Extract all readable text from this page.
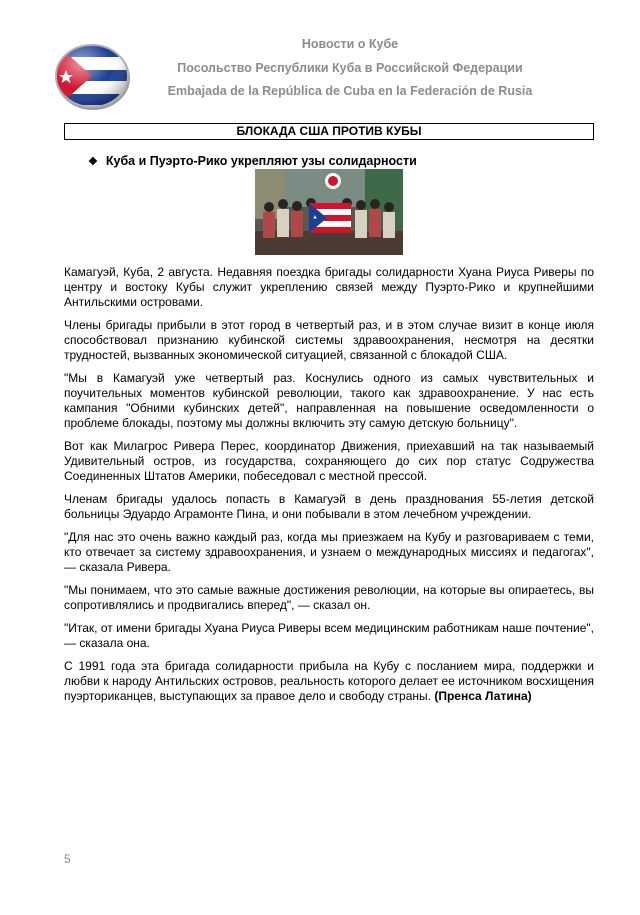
Новости о Кубе
Посольство Республики Куба в Российской Федерации
Embajada de la República de Cuba en la Federación de Rusia
БЛОКАДА США ПРОТИВ КУБЫ
❖ Куба и Пуэрто-Рико укрепляют узы солидарности

Камагуэй, Куба, 2 августа. Недавняя поездка бригады солидарности Хуана Риуса Риверы по центру и востоку Кубы служит укреплению связей между Пуэрто-Рико и крупнейшими Антильскими островами.

Члены бригады прибыли в этот город в четвертый раз, и в этом случае визит в конце июля способствовал признанию кубинской системы здравоохранения, несмотря на десятки трудностей, вызванных экономической ситуацией, связанной с блокадой США.

"Мы в Камагуэй уже четвертый раз. Коснулись одного из самых чувствительных и поучительных моментов кубинской революции, такого как здравоохранение. У нас есть кампания "Обними кубинских детей", направленная на повышение осведомленности о проблеме блокады, поэтому мы должны включить эту самую детскую больницу".

Вот как Милагрос Ривера Перес, координатор Движения, приехавший на так называемый Удивительный остров, из государства, сохраняющего до сих пор статус Содружества Соединенных Штатов Америки, побеседовал с местной прессой.

Членам бригады удалось попасть в Камагуэй в день празднования 55-летия детской больницы Эдуардо Аграмонте Пина, и они побывали в этом лечебном учреждении.

"Для нас это очень важно каждый раз, когда мы приезжаем на Кубу и разговариваем с теми, кто отвечает за систему здравоохранения, и узнаем о международных миссиях и педагогах", — сказала Ривера.

"Мы понимаем, что это самые важные достижения революции, на которые вы опираетесь, вы сопротивлялись и продвигались вперед", — сказал он.

"Итак, от имени бригады Хуана Риуса Риверы всем медицинским работникам наше почтение", — сказала она.

С 1991 года эта бригада солидарности прибыла на Кубу с посланием мира, поддержки и любви к народу Антильских островов, реальность которого делает ее источником восхищения пуэрториканцев, выступающих за правое дело и свободу страны. (Пренса Латина)

5
